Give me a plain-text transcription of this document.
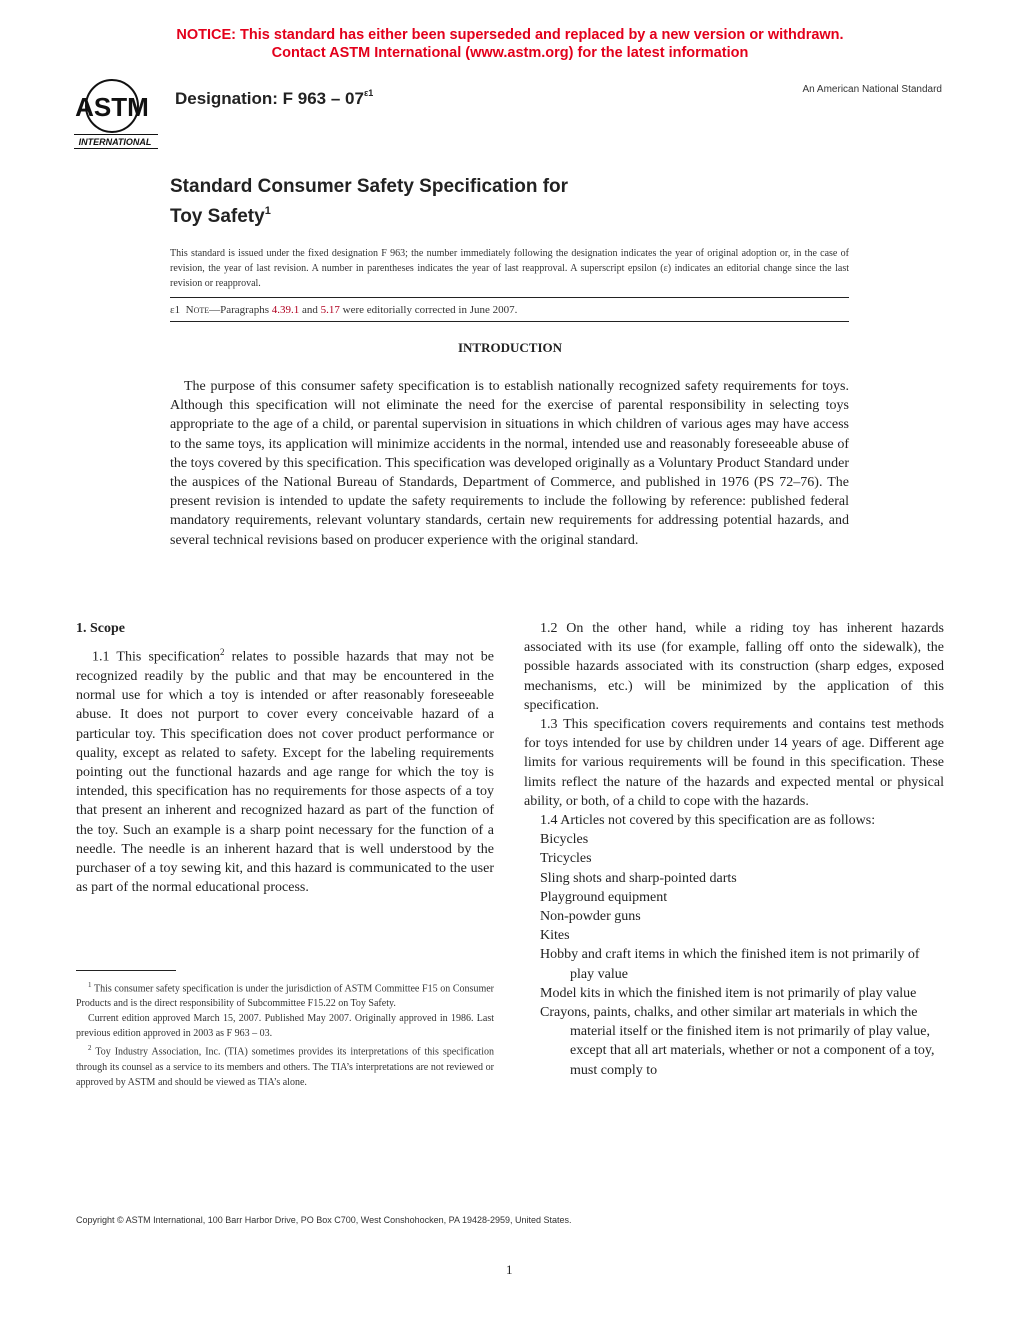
NOTICE: This standard has either been superseded and replaced by a new version or withdrawn.
Contact ASTM International (www.astm.org) for the latest information
ASTM
INTERNATIONAL
Designation: F $963 - 07^{\varepsilon 1}$	An American National Standard
Standard Consumer Safety Specification for
Toy Safety$^1$
This standard is issued under the fixed designation F 963; the number immediately following the designation indicates the year of original adoption or, in the case of revision, the year of last revision. A number in parentheses indicates the year of last reapproval. A superscript epsilon (ε) indicates an editorial change since the last revision or reapproval.
ε1 Note—Paragraphs 4.39.1 and 5.17 were editorially corrected in June 2007.
INTRODUCTION

The purpose of this consumer safety specification is to establish nationally recognized safety requirements for toys. Although this specification will not eliminate the need for the exercise of parental responsibility in selecting toys appropriate to the age of a child, or parental supervision in situations in which children of various ages may have access to the same toys, its application will minimize accidents in the normal, intended use and reasonably foreseeable abuse of the toys covered by this specification. This specification was developed originally as a Voluntary Product Standard under the auspices of the National Bureau of Standards, Department of Commerce, and published in 1976 (PS 72–76). The present revision is intended to update the safety requirements to include the following by reference: published federal mandatory requirements, relevant voluntary standards, certain new requirements for addressing potential hazards, and several technical revisions based on producer experience with the original standard.

1. Scope

1.1 This specification$^2$ relates to possible hazards that may not be recognized readily by the public and that may be encountered in the normal use for which a toy is intended or after reasonably foreseeable abuse. It does not purport to cover every conceivable hazard of a particular toy. This specification does not cover product performance or quality, except as related to safety. Except for the labeling requirements pointing out the functional hazards and age range for which the toy is intended, this specification has no requirements for those aspects of a toy that present an inherent and recognized hazard as part of the function of the toy. Such an example is a sharp point necessary for the function of a needle. The needle is an inherent hazard that is well understood by the purchaser of a toy sewing kit, and this hazard is communicated to the user as part of the normal educational process.

1.2 On the other hand, while a riding toy has inherent hazards associated with its use (for example, falling off onto the sidewalk), the possible hazards associated with its construction (sharp edges, exposed mechanisms, etc.) will be minimized by the application of this specification.

1.3 This specification covers requirements and contains test methods for toys intended for use by children under 14 years of age. Different age limits for various requirements will be found in this specification. These limits reflect the nature of the hazards and expected mental or physical ability, or both, of a child to cope with the hazards.

1.4 Articles not covered by this specification are as follows:

Bicycles

Tricycles

Sling shots and sharp-pointed darts

Playground equipment

Non-powder guns

Kites

Hobby and craft items in which the finished item is not primarily of play value

Model kits in which the finished item is not primarily of play value

Crayons, paints, chalks, and other similar art materials in which the material itself or the finished item is not primarily of play value, except that all art materials, whether or not a component of a toy, must comply to

$^1$ This consumer safety specification is under the jurisdiction of ASTM Committee F15 on Consumer Products and is the direct responsibility of Subcommittee F15.22 on Toy Safety.

Current edition approved March 15, 2007. Published May 2007. Originally approved in 1986. Last previous edition approved in 2003 as F 963 – 03.

$^2$ Toy Industry Association, Inc. (TIA) sometimes provides its interpretations of this specification through its counsel as a service to its members and others. The TIA’s interpretations are not reviewed or approved by ASTM and should be viewed as TIA’s alone.

Copyright © ASTM International, 100 Barr Harbor Drive, PO Box C700, West Conshohocken, PA 19428-2959, United States.
1
